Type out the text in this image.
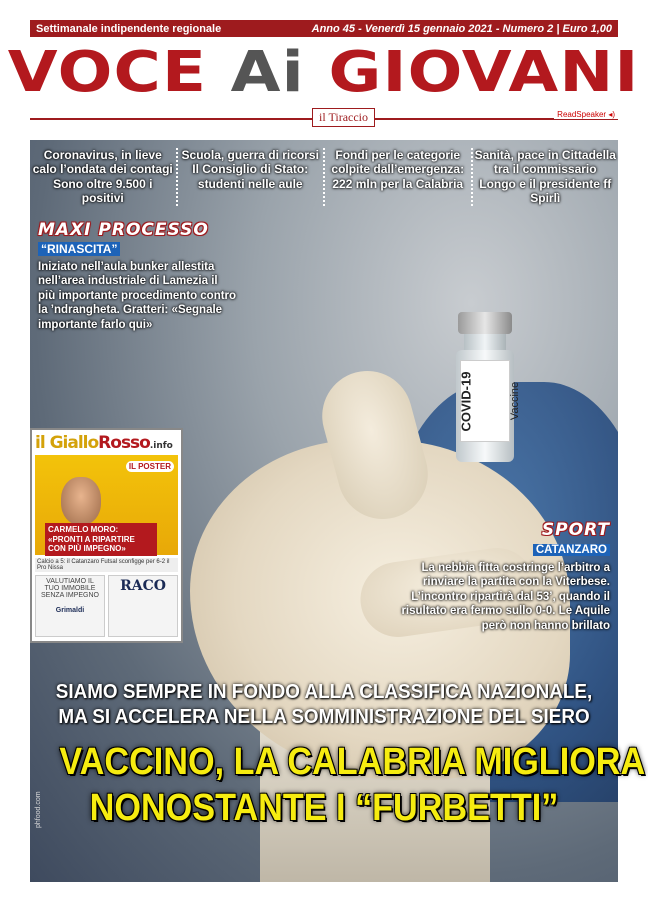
Settimanale indipendente regionale	Anno 45 - Venerdì 15 gennaio 2021 - Numero 2 | Euro 1,00
VOCE Ai GIOVANI
il Tiraccio	ReadSpeaker ◂)
COVID-19	Vaccine
Coronavirus, in lieve calo l’ondata dei contagi Sono oltre 9.500 i positivi
Scuola, guerra di ricorsi Il Consiglio di Stato: studenti nelle aule
Fondi per le categorie colpite dall’emergenza: 222 mln per la Calabria
Sanità, pace in Cittadella tra il commissario Longo e il presidente ff Spirlì
MAXI PROCESSO
“RINASCITA”
Iniziato nell’aula bunker allestita nell’area industriale di Lamezia il più importante procedimento contro la ’ndrangheta. Gratteri: «Segnale importante farlo qui»
SPORT
CATANZARO
La nebbia fitta costringe l’arbitro a rinviare la partita con la Viterbese. L’incontro ripartirà dal 53’, quando il risultato era fermo sullo 0-0. Le Aquile però non hanno brillato
il GialloRosso.info
IL POSTER
CARMELO MORO: «PRONTI A RIPARTIRE CON PIÙ IMPEGNO»
Calcio a 5: il Catanzaro Futsal sconfigge per 6-2 il Pro Nissa
VALUTIAMO IL TUO IMMOBILE SENZA IMPEGNO
Grimaldi
RACO
SIAMO SEMPRE IN FONDO ALLA CLASSIFICA NAZIONALE,
MA SI ACCELERA NELLA SOMMINISTRAZIONE DEL SIERO
VACCINO, LA CALABRIA MIGLIORA
NONOSTANTE I “FURBETTI”
phfood.com
